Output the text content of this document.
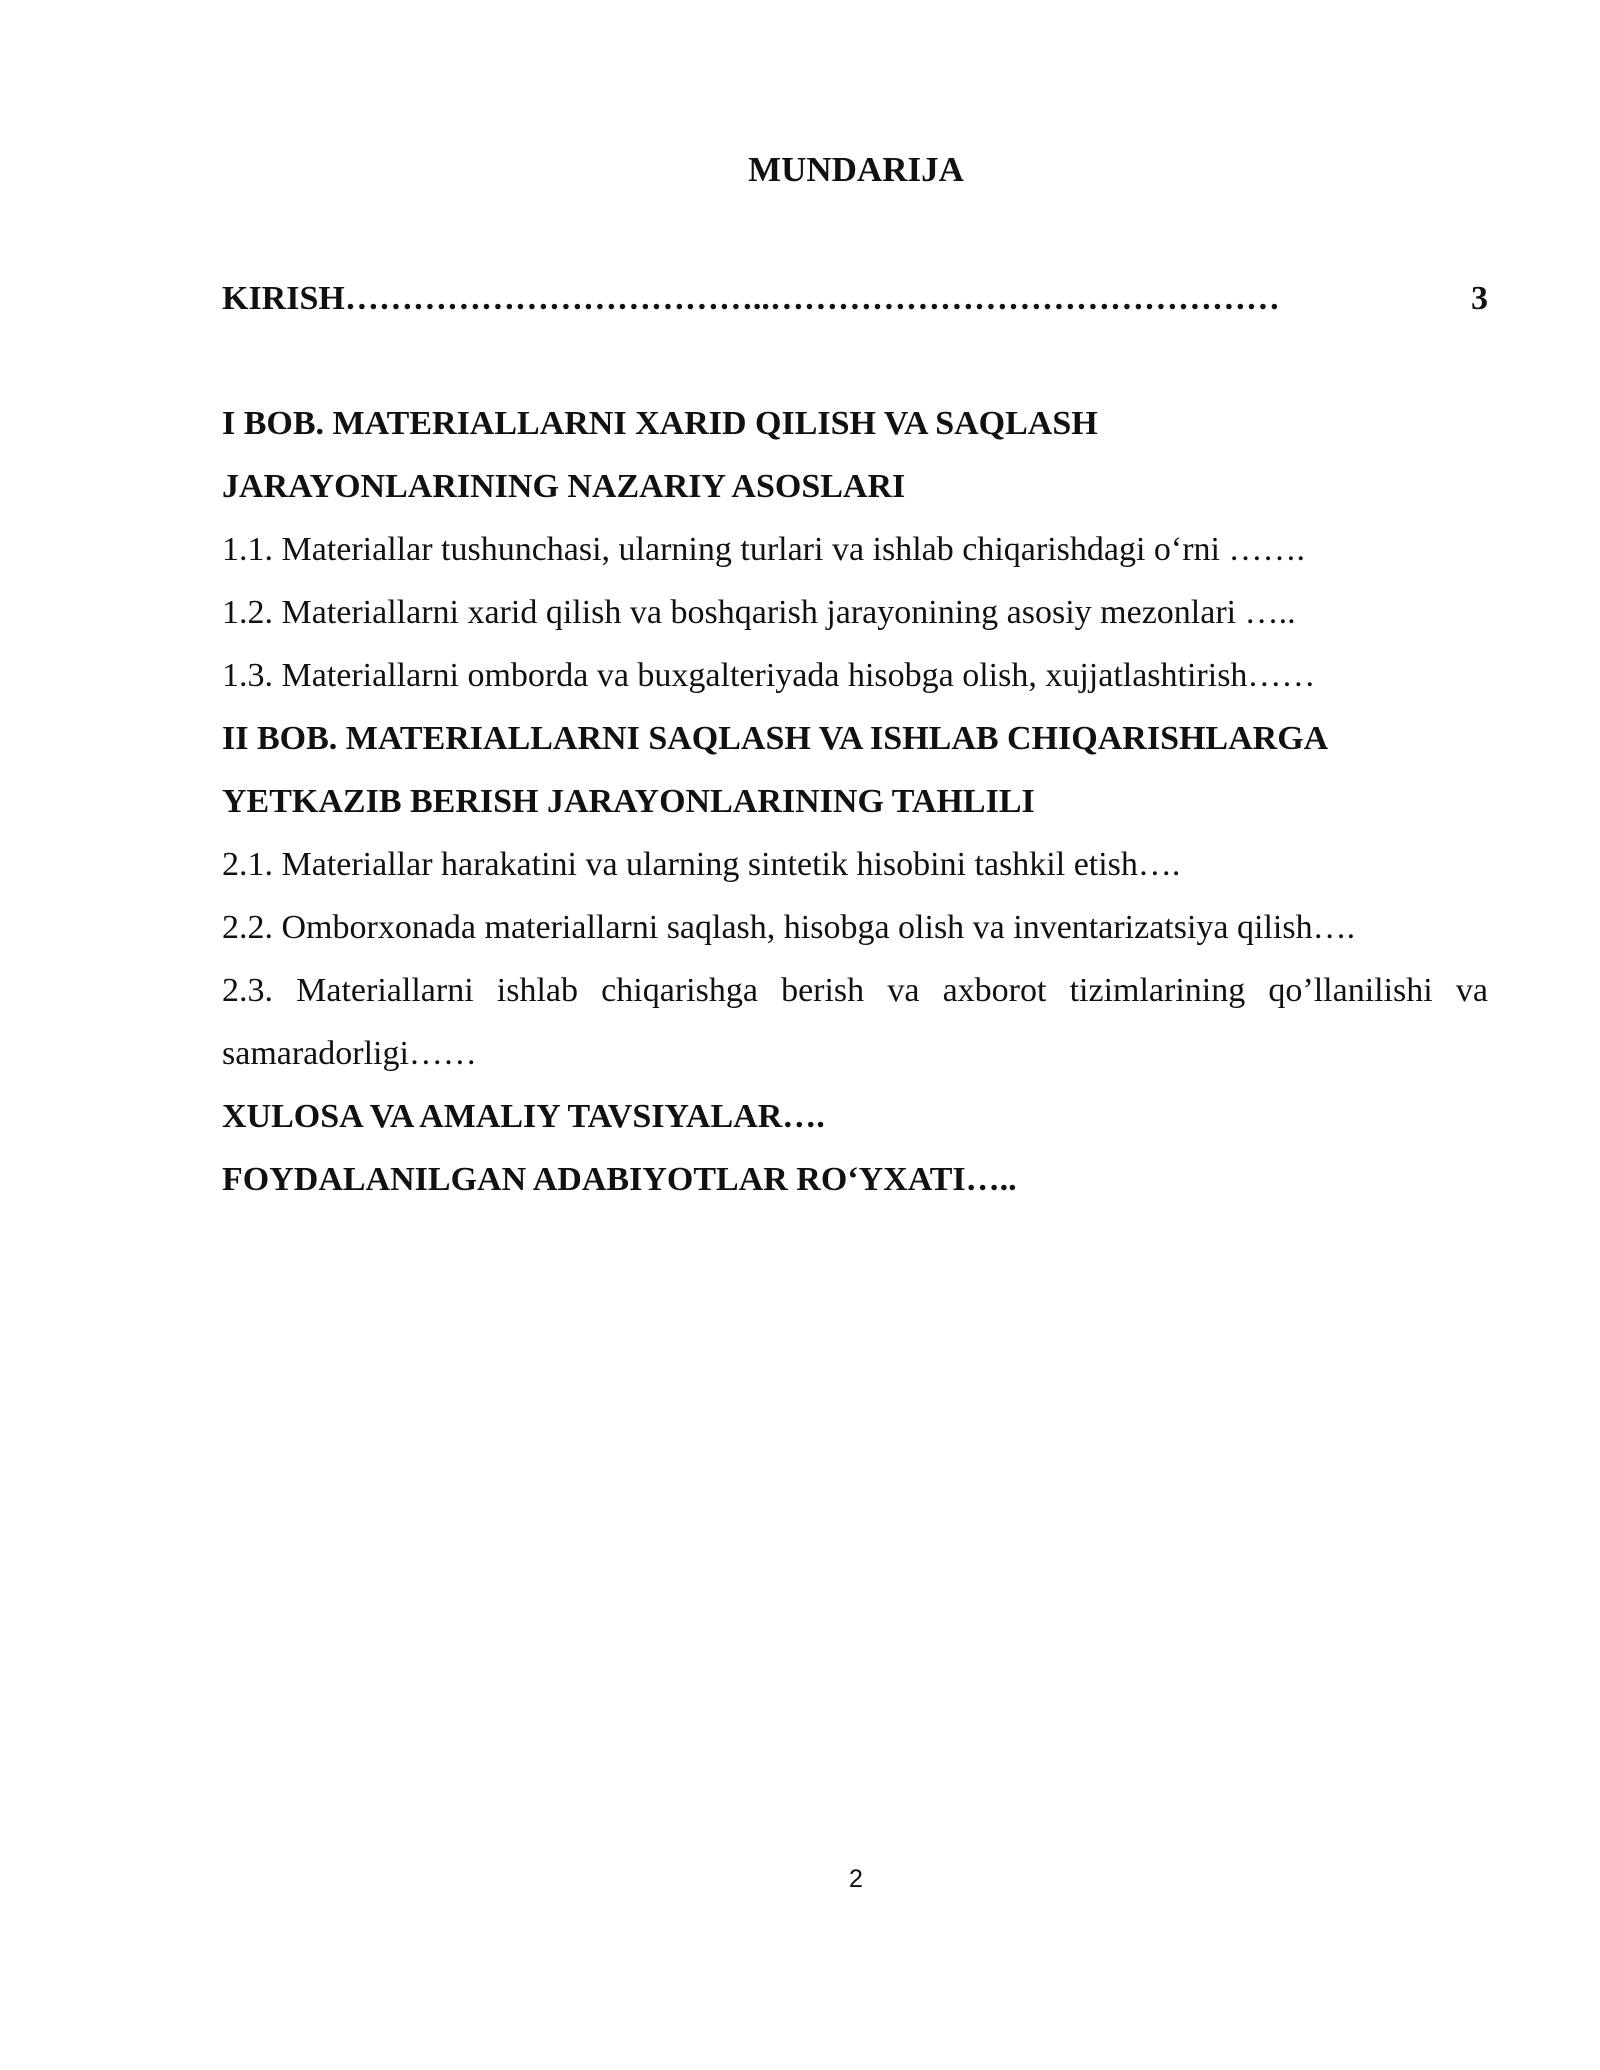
MUNDARIJA
KIRISH………………………………..………………………………………	3
I BOB. MATERIALLARNI XARID QILISH VA SAQLASH
JARAYONLARINING NAZARIY ASOSLARI
1.1. Materiallar tushunchasi, ularning turlari va ishlab chiqarishdagi o‘rni …….
1.2. Materiallarni xarid qilish va boshqarish jarayonining asosiy mezonlari …..
1.3. Materiallarni omborda va buxgalteriyada hisobga olish, xujjatlashtirish……
II BOB. MATERIALLARNI SAQLASH VA ISHLAB CHIQARISHLARGA
YETKAZIB BERISH JARAYONLARINING TAHLILI
2.1. Materiallar harakatini va ularning sintetik hisobini tashkil etish….
2.2. Omborxonada materiallarni saqlash, hisobga olish va inventarizatsiya qilish….
2.3. Materiallarni ishlab chiqarishga berish va axborot tizimlarining qo’llanilishi va
samaradorligi……
XULOSA VA AMALIY TAVSIYALAR….
FOYDALANILGAN ADABIYOTLAR RO‘YXATI…..
2
